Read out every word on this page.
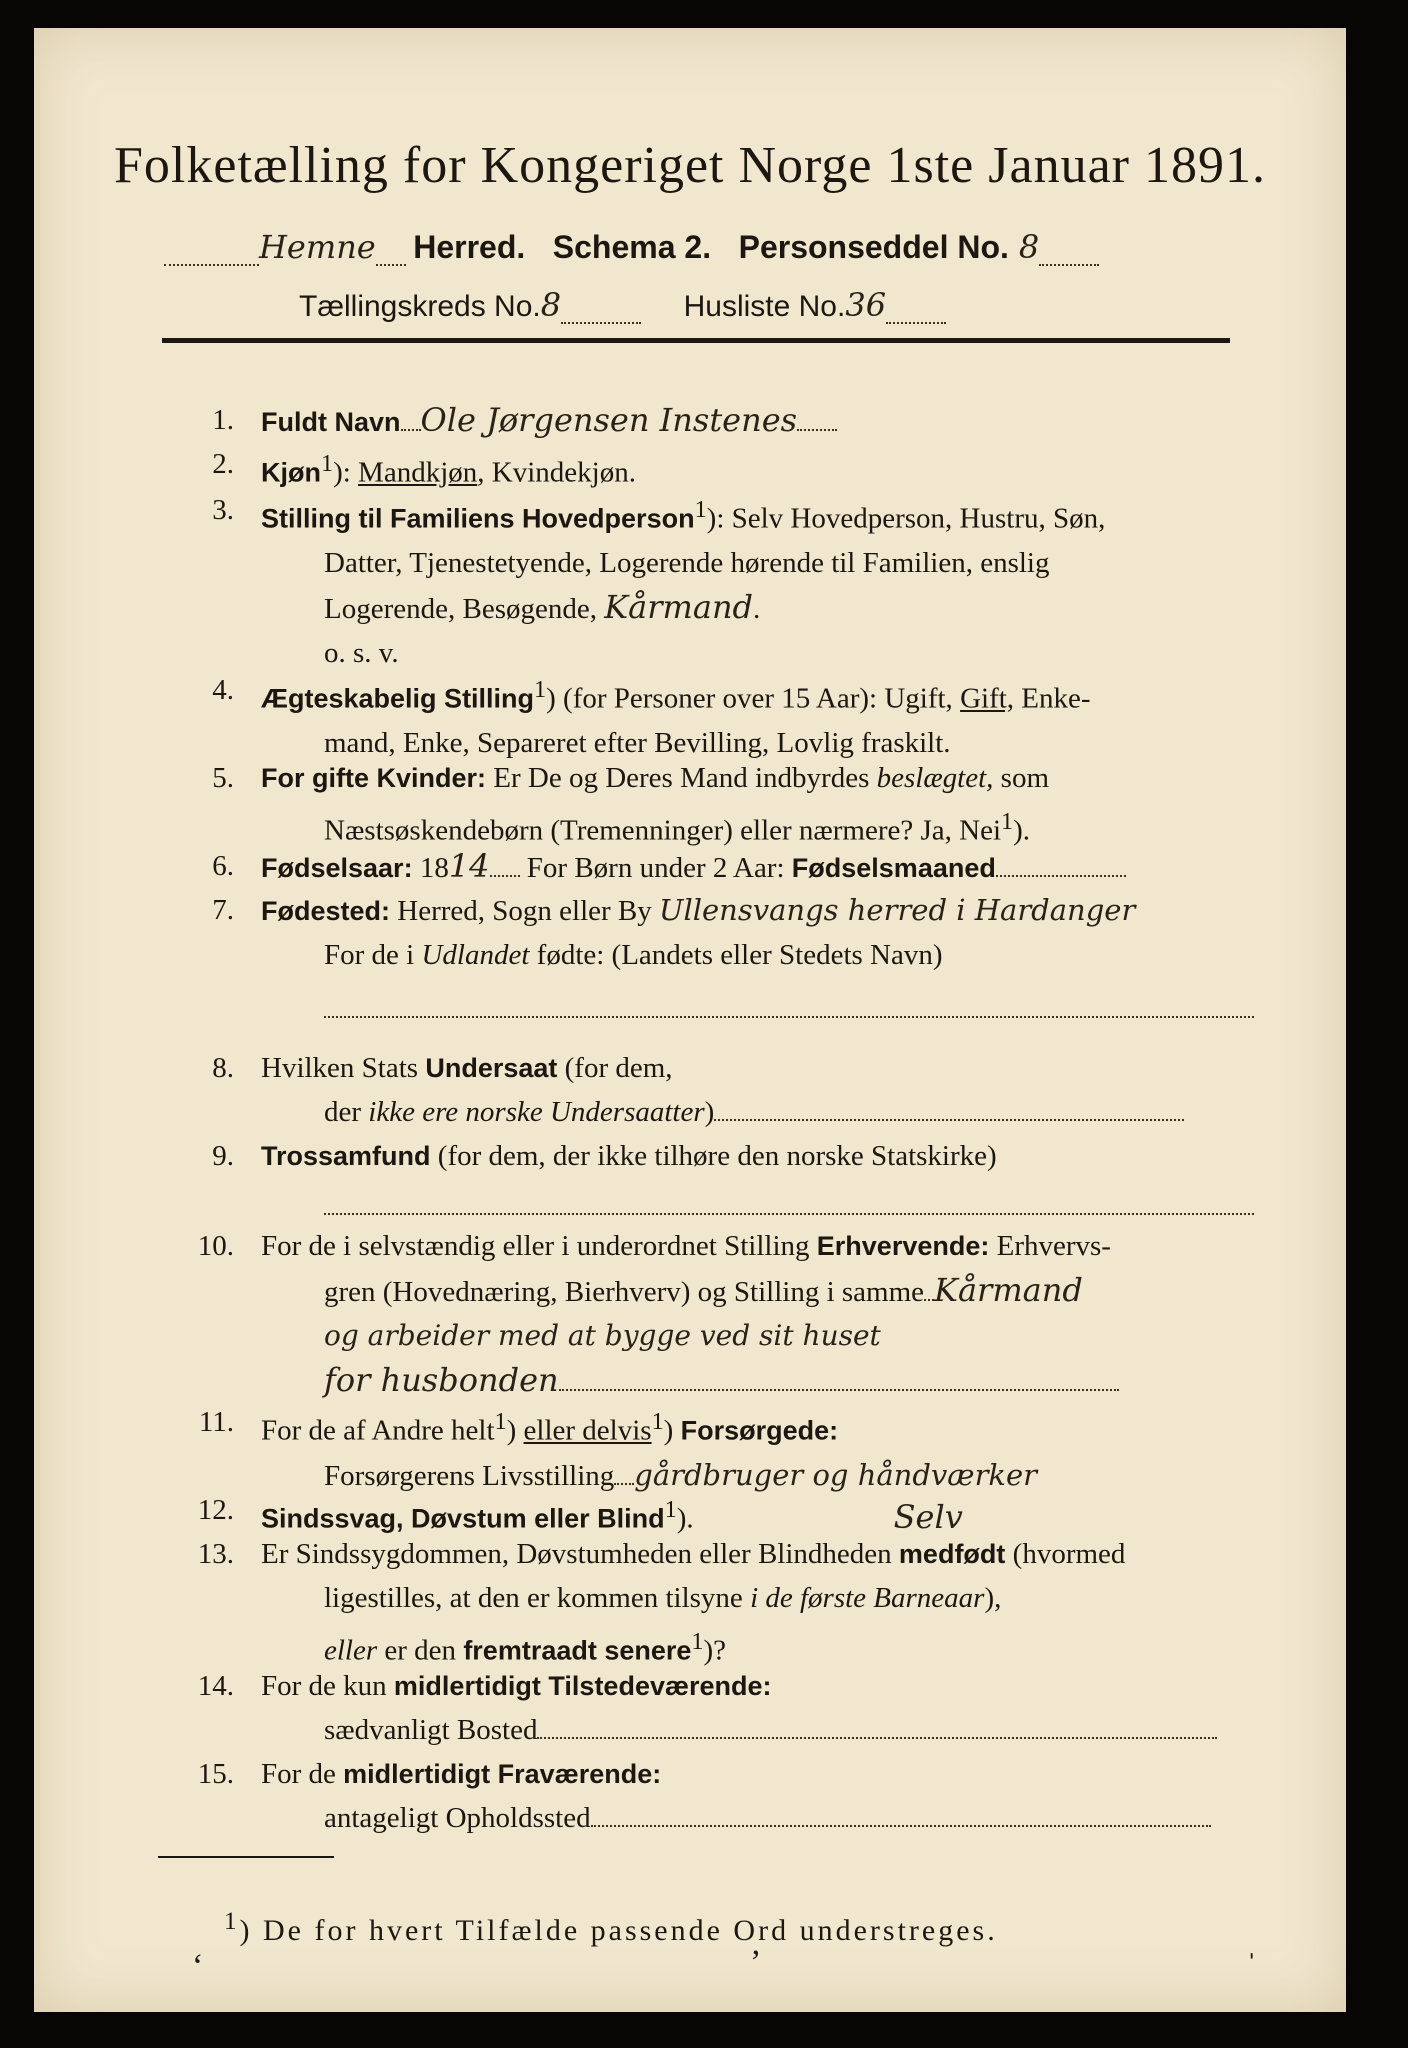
Folketælling for Kongeriget Norge 1ste Januar 1891.
Hemne Herred. Schema 2. Personseddel No. 8
Tællingskreds No.8	Husliste No.36
1. Fuldt Navn Ole Jørgensen Instenes
2. Kjøn$^1$): Mandkjøn, Kvindekjøn.
3. Stilling til Familiens Hovedperson$^1$): Selv Hovedperson, Hustru, Søn,
Datter, Tjenestetyende, Logerende hørende til Familien, enslig
Logerende, Besøgende, Kårmand.
o. s. v.
4. Ægteskabelig Stilling$^1$) (for Personer over 15 Aar): Ugift, Gift, Enke-
mand, Enke, Separeret efter Bevilling, Lovlig fraskilt.
5. For gifte Kvinder: Er De og Deres Mand indbyrdes beslægtet, som
Næstsøskendebørn (Tremenninger) eller nærmere? Ja, Nei$^1$).
6. Fødselsaar: 1814 For Børn under 2 Aar: Fødselsmaaned
7. Fødested: Herred, Sogn eller By Ullensvangs herred i Hardanger
For de i Udlandet fødte: (Landets eller Stedets Navn)
8. Hvilken Stats Undersaat (for dem,
der ikke ere norske Undersaatter)
9. Trossamfund (for dem, der ikke tilhøre den norske Statskirke)
10. For de i selvstændig eller i underordnet Stilling Erhvervende: Erhvervs-
gren (Hovednæring, Bierhverv) og Stilling i samme Kårmand
og arbeider med at bygge ved sit huset
for husbonden
11. For de af Andre helt$^1$) eller delvis$^1$) Forsørgede:
Forsørgerens Livsstilling gårdbruger og håndværker
12. Sindssvag, Døvstum eller Blind$^1$).	Selv
13. Er Sindssygdommen, Døvstumheden eller Blindheden medfødt (hvormed
ligestilles, at den er kommen tilsyne i de første Barneaar),
eller er den fremtraadt senere$^1$)?
14. For de kun midlertidigt Tilstedeværende:
sædvanligt Bosted
15. For de midlertidigt Fraværende:
antageligt Opholdssted
$^1$) De for hvert Tilfælde passende Ord understreges.
ʻ	ʼ	ˈ
